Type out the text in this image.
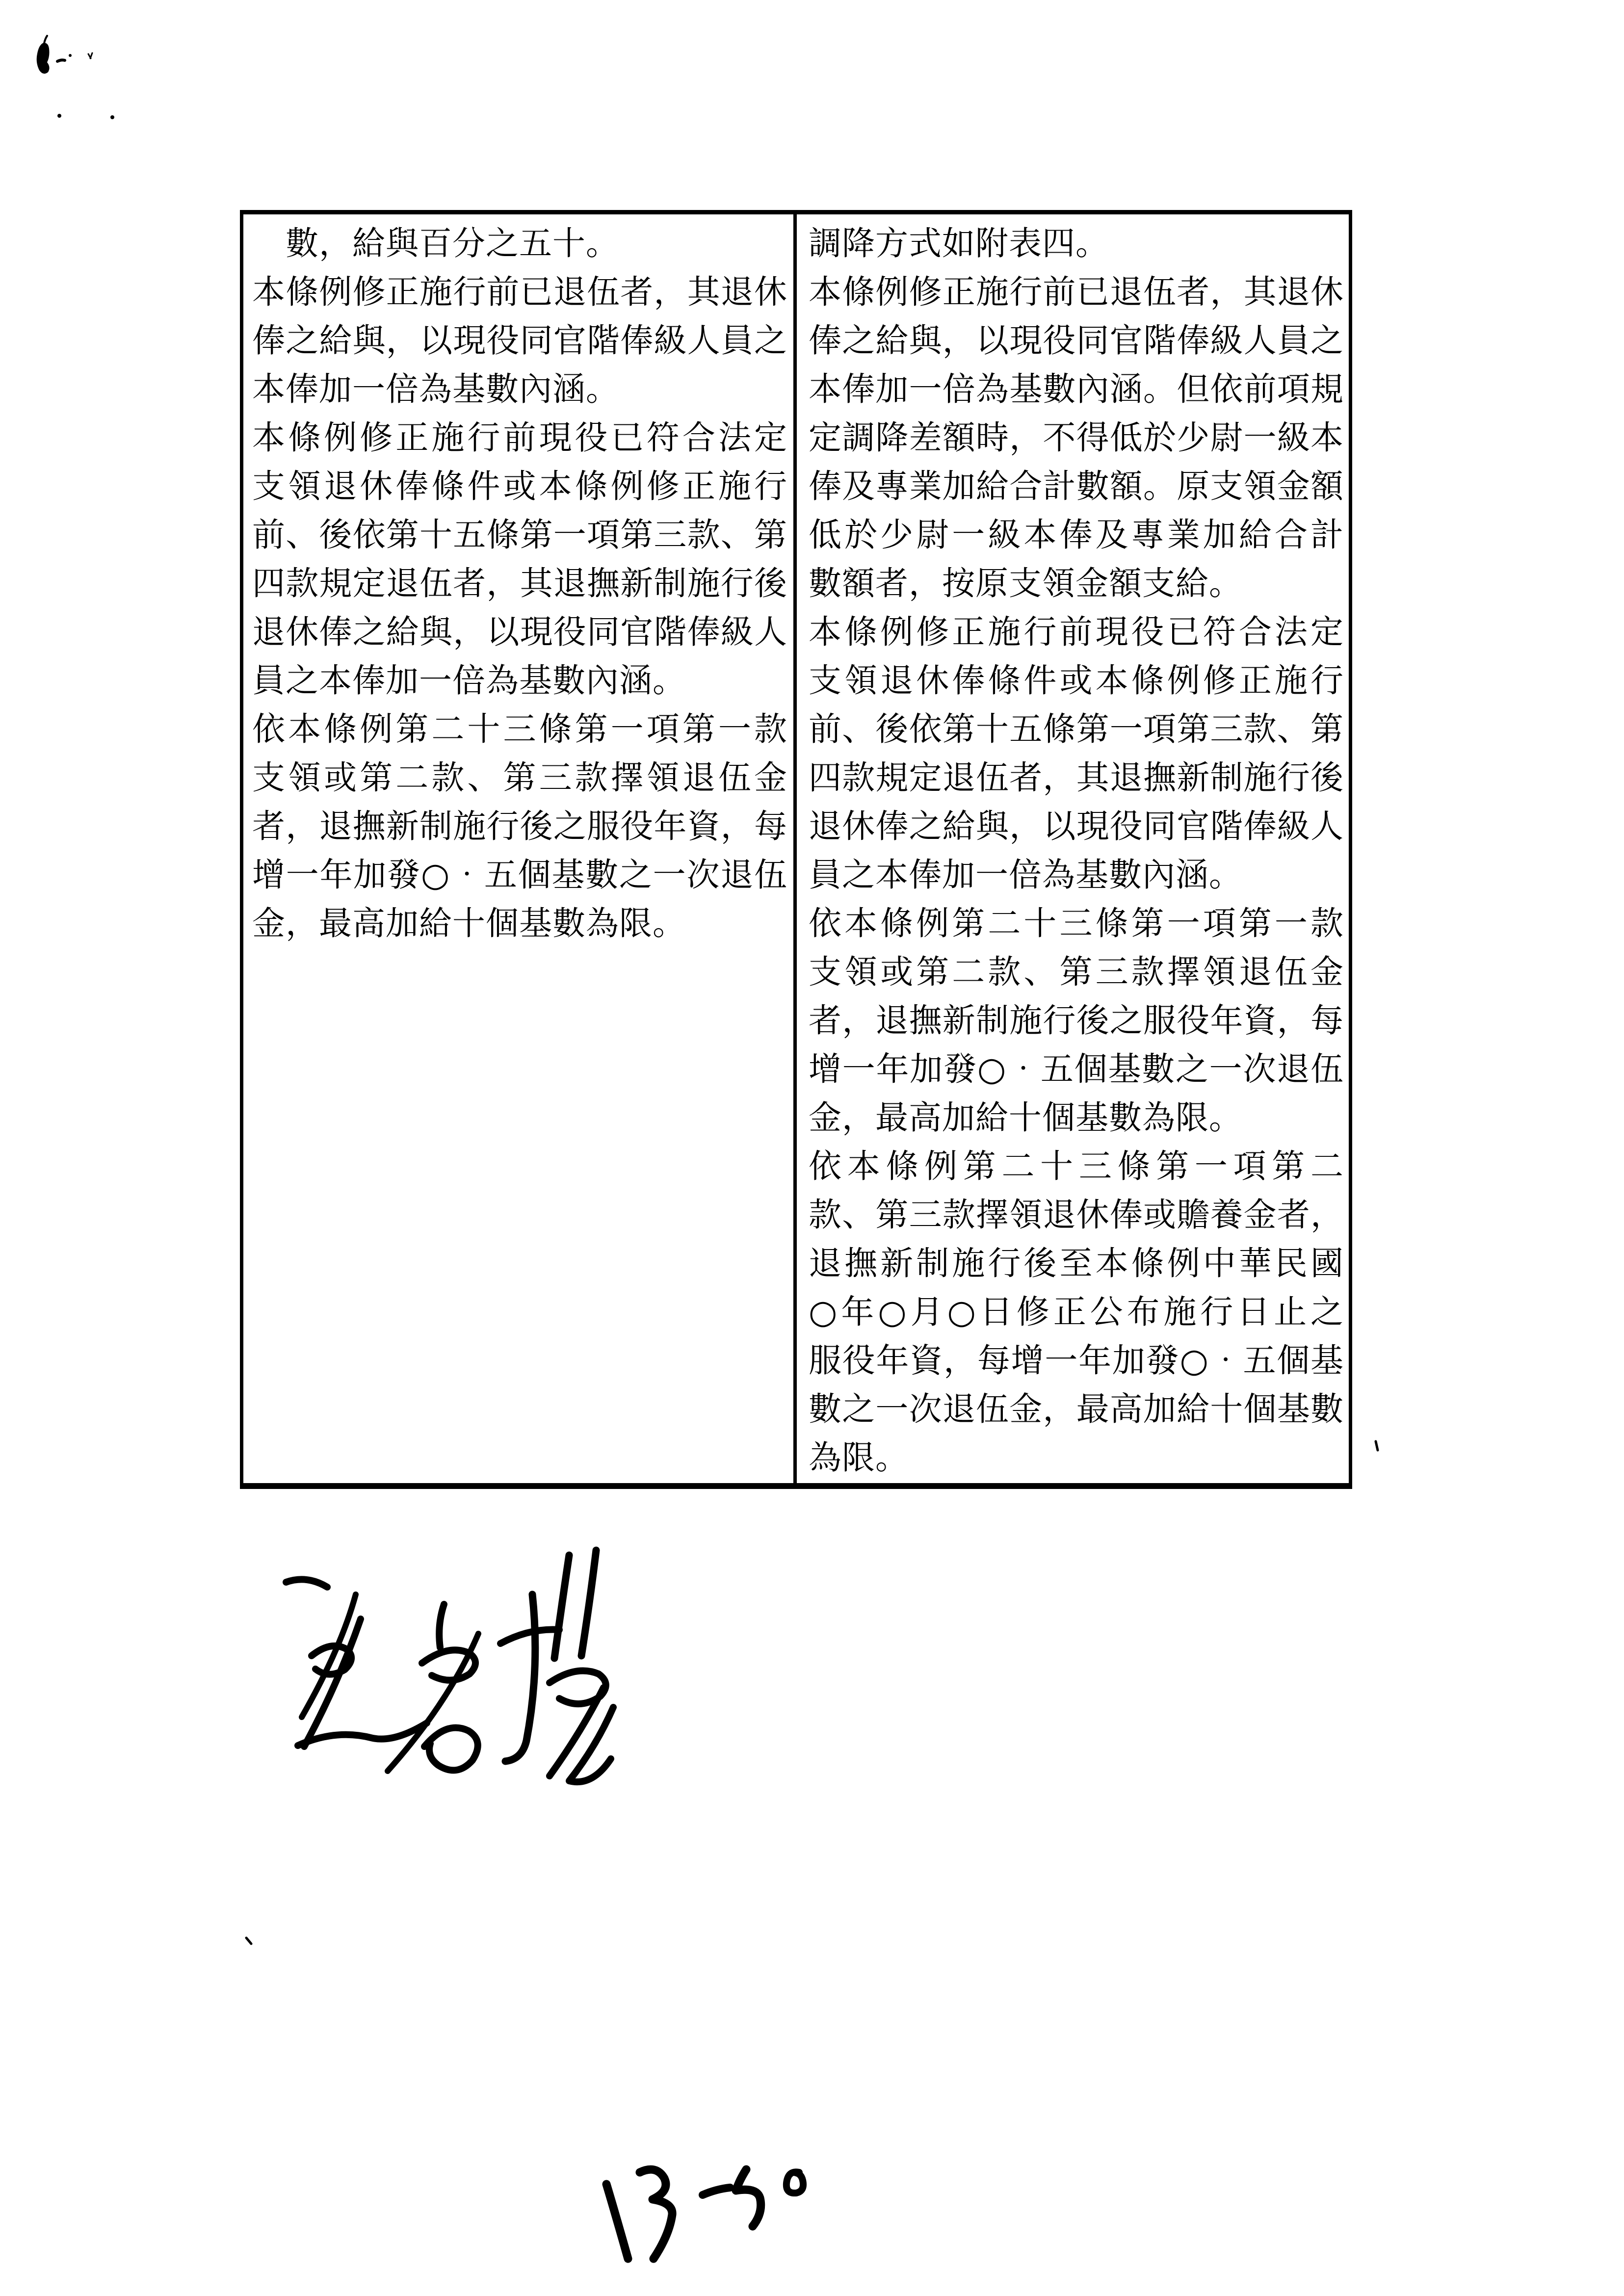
　數，給與百分之五十。
本條例修正施行前已退伍者，其退休
俸之給與，以現役同官階俸級人員之
本俸加一倍為基數內涵。
本條例修正施行前現役已符合法定
支領退休俸條件或本條例修正施行
前、後依第十五條第一項第三款、第
四款規定退伍者，其退撫新制施行後
退休俸之給與，以現役同官階俸級人
員之本俸加一倍為基數內涵。
依本條例第二十三條第一項第一款
支領或第二款、第三款擇領退伍金
者，退撫新制施行後之服役年資，每
增一年加發○‧五個基數之一次退伍
金，最高加給十個基數為限。
調降方式如附表四。
本條例修正施行前已退伍者，其退休
俸之給與，以現役同官階俸級人員之
本俸加一倍為基數內涵。但依前項規
定調降差額時，不得低於少尉一級本
俸及專業加給合計數額。原支領金額
低於少尉一級本俸及專業加給合計
數額者，按原支領金額支給。
本條例修正施行前現役已符合法定
支領退休俸條件或本條例修正施行
前、後依第十五條第一項第三款、第
四款規定退伍者，其退撫新制施行後
退休俸之給與，以現役同官階俸級人
員之本俸加一倍為基數內涵。
依本條例第二十三條第一項第一款
支領或第二款、第三款擇領退伍金
者，退撫新制施行後之服役年資，每
增一年加發○‧五個基數之一次退伍
金，最高加給十個基數為限。
依本條例第二十三條第一項第二
款、第三款擇領退休俸或贍養金者，
退撫新制施行後至本條例中華民國
○年○月○日修正公布施行日止之
服役年資，每增一年加發○‧五個基
數之一次退伍金，最高加給十個基數
為限。
